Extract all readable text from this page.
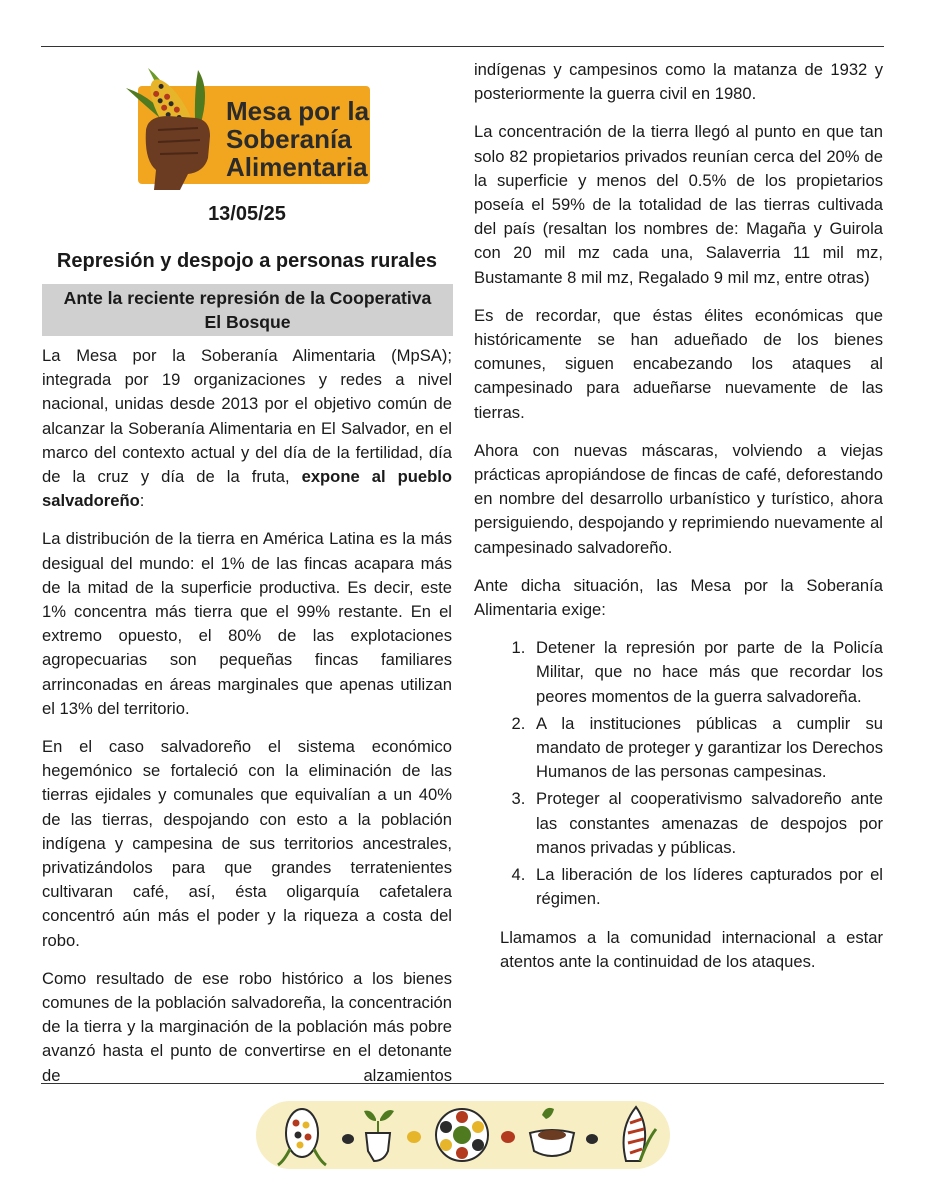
Mesa por la
Soberanía
Alimentaria
13/05/25
Represión y despojo a personas rurales
Ante la reciente represión de la Cooperativa
El Bosque

La Mesa por la Soberanía Alimentaria (MpSA); integrada por 19 organizaciones y redes a nivel nacional, unidas desde 2013 por el objetivo común de alcanzar la Soberanía Alimentaria en El Salvador, en el marco del contexto actual y del día de la fertilidad, día de la cruz y día de la fruta, expone al pueblo salvadoreño:

La distribución de la tierra en América Latina es la más desigual del mundo: el 1% de las fincas acapara más de la mitad de la superficie productiva. Es decir, este 1% concentra más tierra que el 99% restante. En el extremo opuesto, el 80% de las explotaciones agropecuarias son pequeñas fincas familiares arrinconadas en áreas marginales que apenas utilizan el 13% del territorio.

En el caso salvadoreño el sistema económico hegemónico se fortaleció con la eliminación de las tierras ejidales y comunales que equivalían a un 40% de las tierras, despojando con esto a la población indígena y campesina de sus territorios ancestrales, privatizándolos para que grandes terratenientes cultivaran café, así, ésta oligarquía cafetalera concentró aún más el poder y la riqueza a costa del robo.

Como resultado de ese robo histórico a los bienes comunes de la población salvadoreña, la concentración de la tierra y la marginación de la población más pobre avanzó hasta el punto de convertirse en el detonante de alzamientos

indígenas y campesinos como la matanza de 1932 y posteriormente la guerra civil en 1980.

La concentración de la tierra llegó al punto en que tan solo 82 propietarios privados reunían cerca del 20% de la superficie y menos del 0.5% de los propietarios poseía el 59% de la totalidad de las tierras cultivada del país (resaltan los nombres de: Magaña y Guirola con 20 mil mz cada una, Salaverria 11 mil mz, Bustamante 8 mil mz, Regalado 9 mil mz, entre otras)

Es de recordar, que éstas élites económicas que históricamente se han adueñado de los bienes comunes, siguen encabezando los ataques al campesinado para adueñarse nuevamente de las tierras.

Ahora con nuevas máscaras, volviendo a viejas prácticas apropiándose de fincas de café, deforestando en nombre del desarrollo urbanístico y turístico, ahora persiguiendo, despojando y reprimiendo nuevamente al campesinado salvadoreño.

Ante dicha situación, las Mesa por la Soberanía Alimentaria exige:

1. Detener la represión por parte de la Policía Militar, que no hace más que recordar los peores momentos de la guerra salvadoreña.
2. A la instituciones públicas a cumplir su mandato de proteger y garantizar los Derechos Humanos de las personas campesinas.
3. Proteger al cooperativismo salvadoreño ante las constantes amenazas de despojos por manos privadas y públicas.
4. La liberación de los líderes capturados por el régimen.

Llamamos a la comunidad internacional a estar atentos ante la continuidad de los ataques.
